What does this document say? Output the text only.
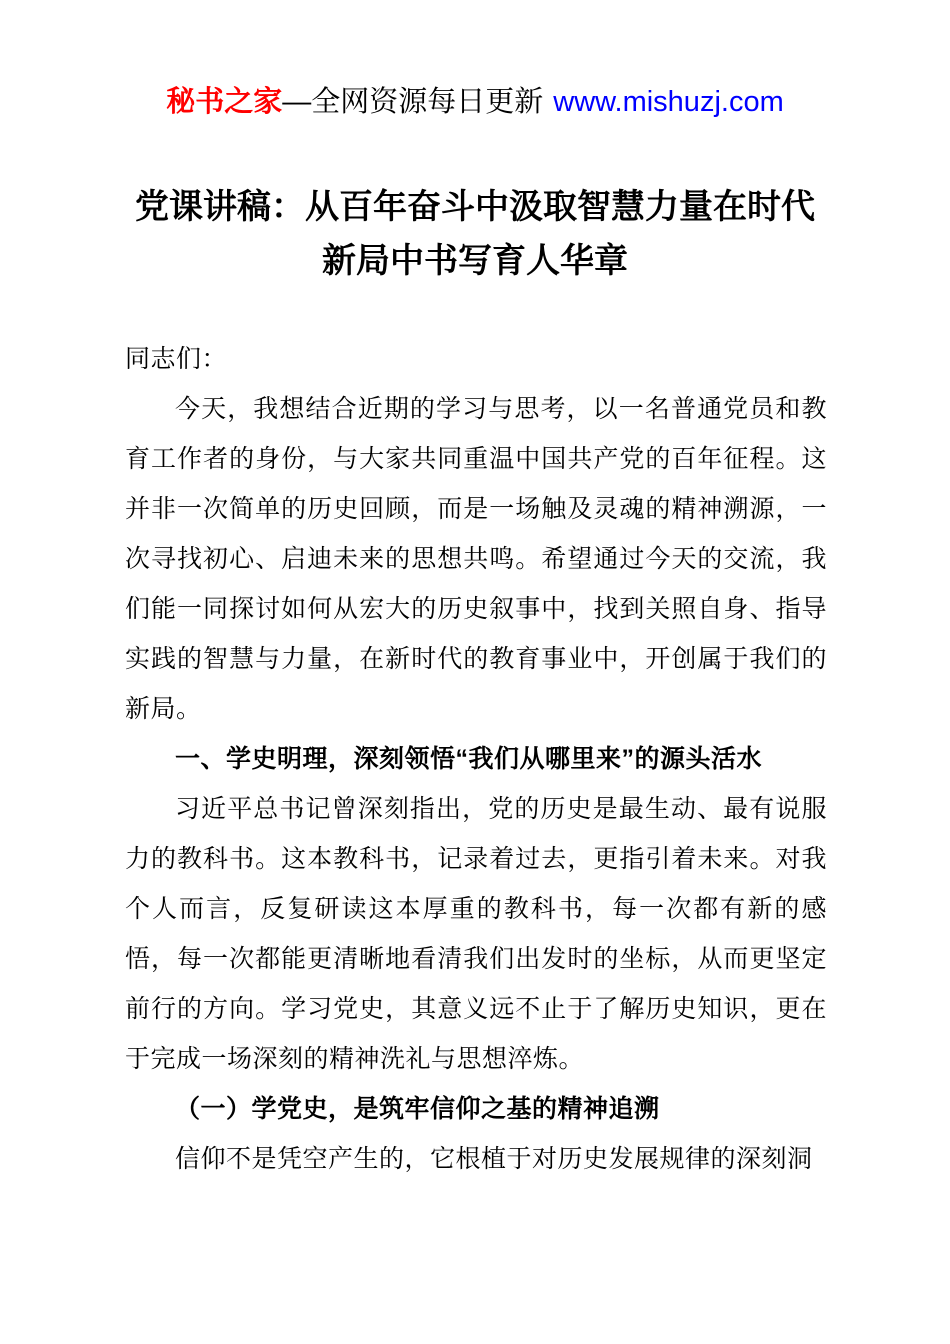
秘书之家—全网资源每日更新 www.mishuzj.com
党课讲稿：从百年奋斗中汲取智慧力量在时代
新局中书写育人华章

同志们：

今天，我想结合近期的学习与思考，以一名普通党员和教育工作者的身份，与大家共同重温中国共产党的百年征程。这并非一次简单的历史回顾，而是一场触及灵魂的精神溯源，一次寻找初心、启迪未来的思想共鸣。希望通过今天的交流，我们能一同探讨如何从宏大的历史叙事中，找到关照自身、指导实践的智慧与力量，在新时代的教育事业中，开创属于我们的新局。

一、学史明理，深刻领悟“我们从哪里来”的源头活水

习近平总书记曾深刻指出，党的历史是最生动、最有说服力的教科书。这本教科书，记录着过去，更指引着未来。对我个人而言，反复研读这本厚重的教科书，每一次都有新的感悟，每一次都能更清晰地看清我们出发时的坐标，从而更坚定前行的方向。学习党史，其意义远不止于了解历史知识，更在于完成一场深刻的精神洗礼与思想淬炼。

（一）学党史，是筑牢信仰之基的精神追溯

信仰不是凭空产生的，它根植于对历史发展规律的深刻洞
